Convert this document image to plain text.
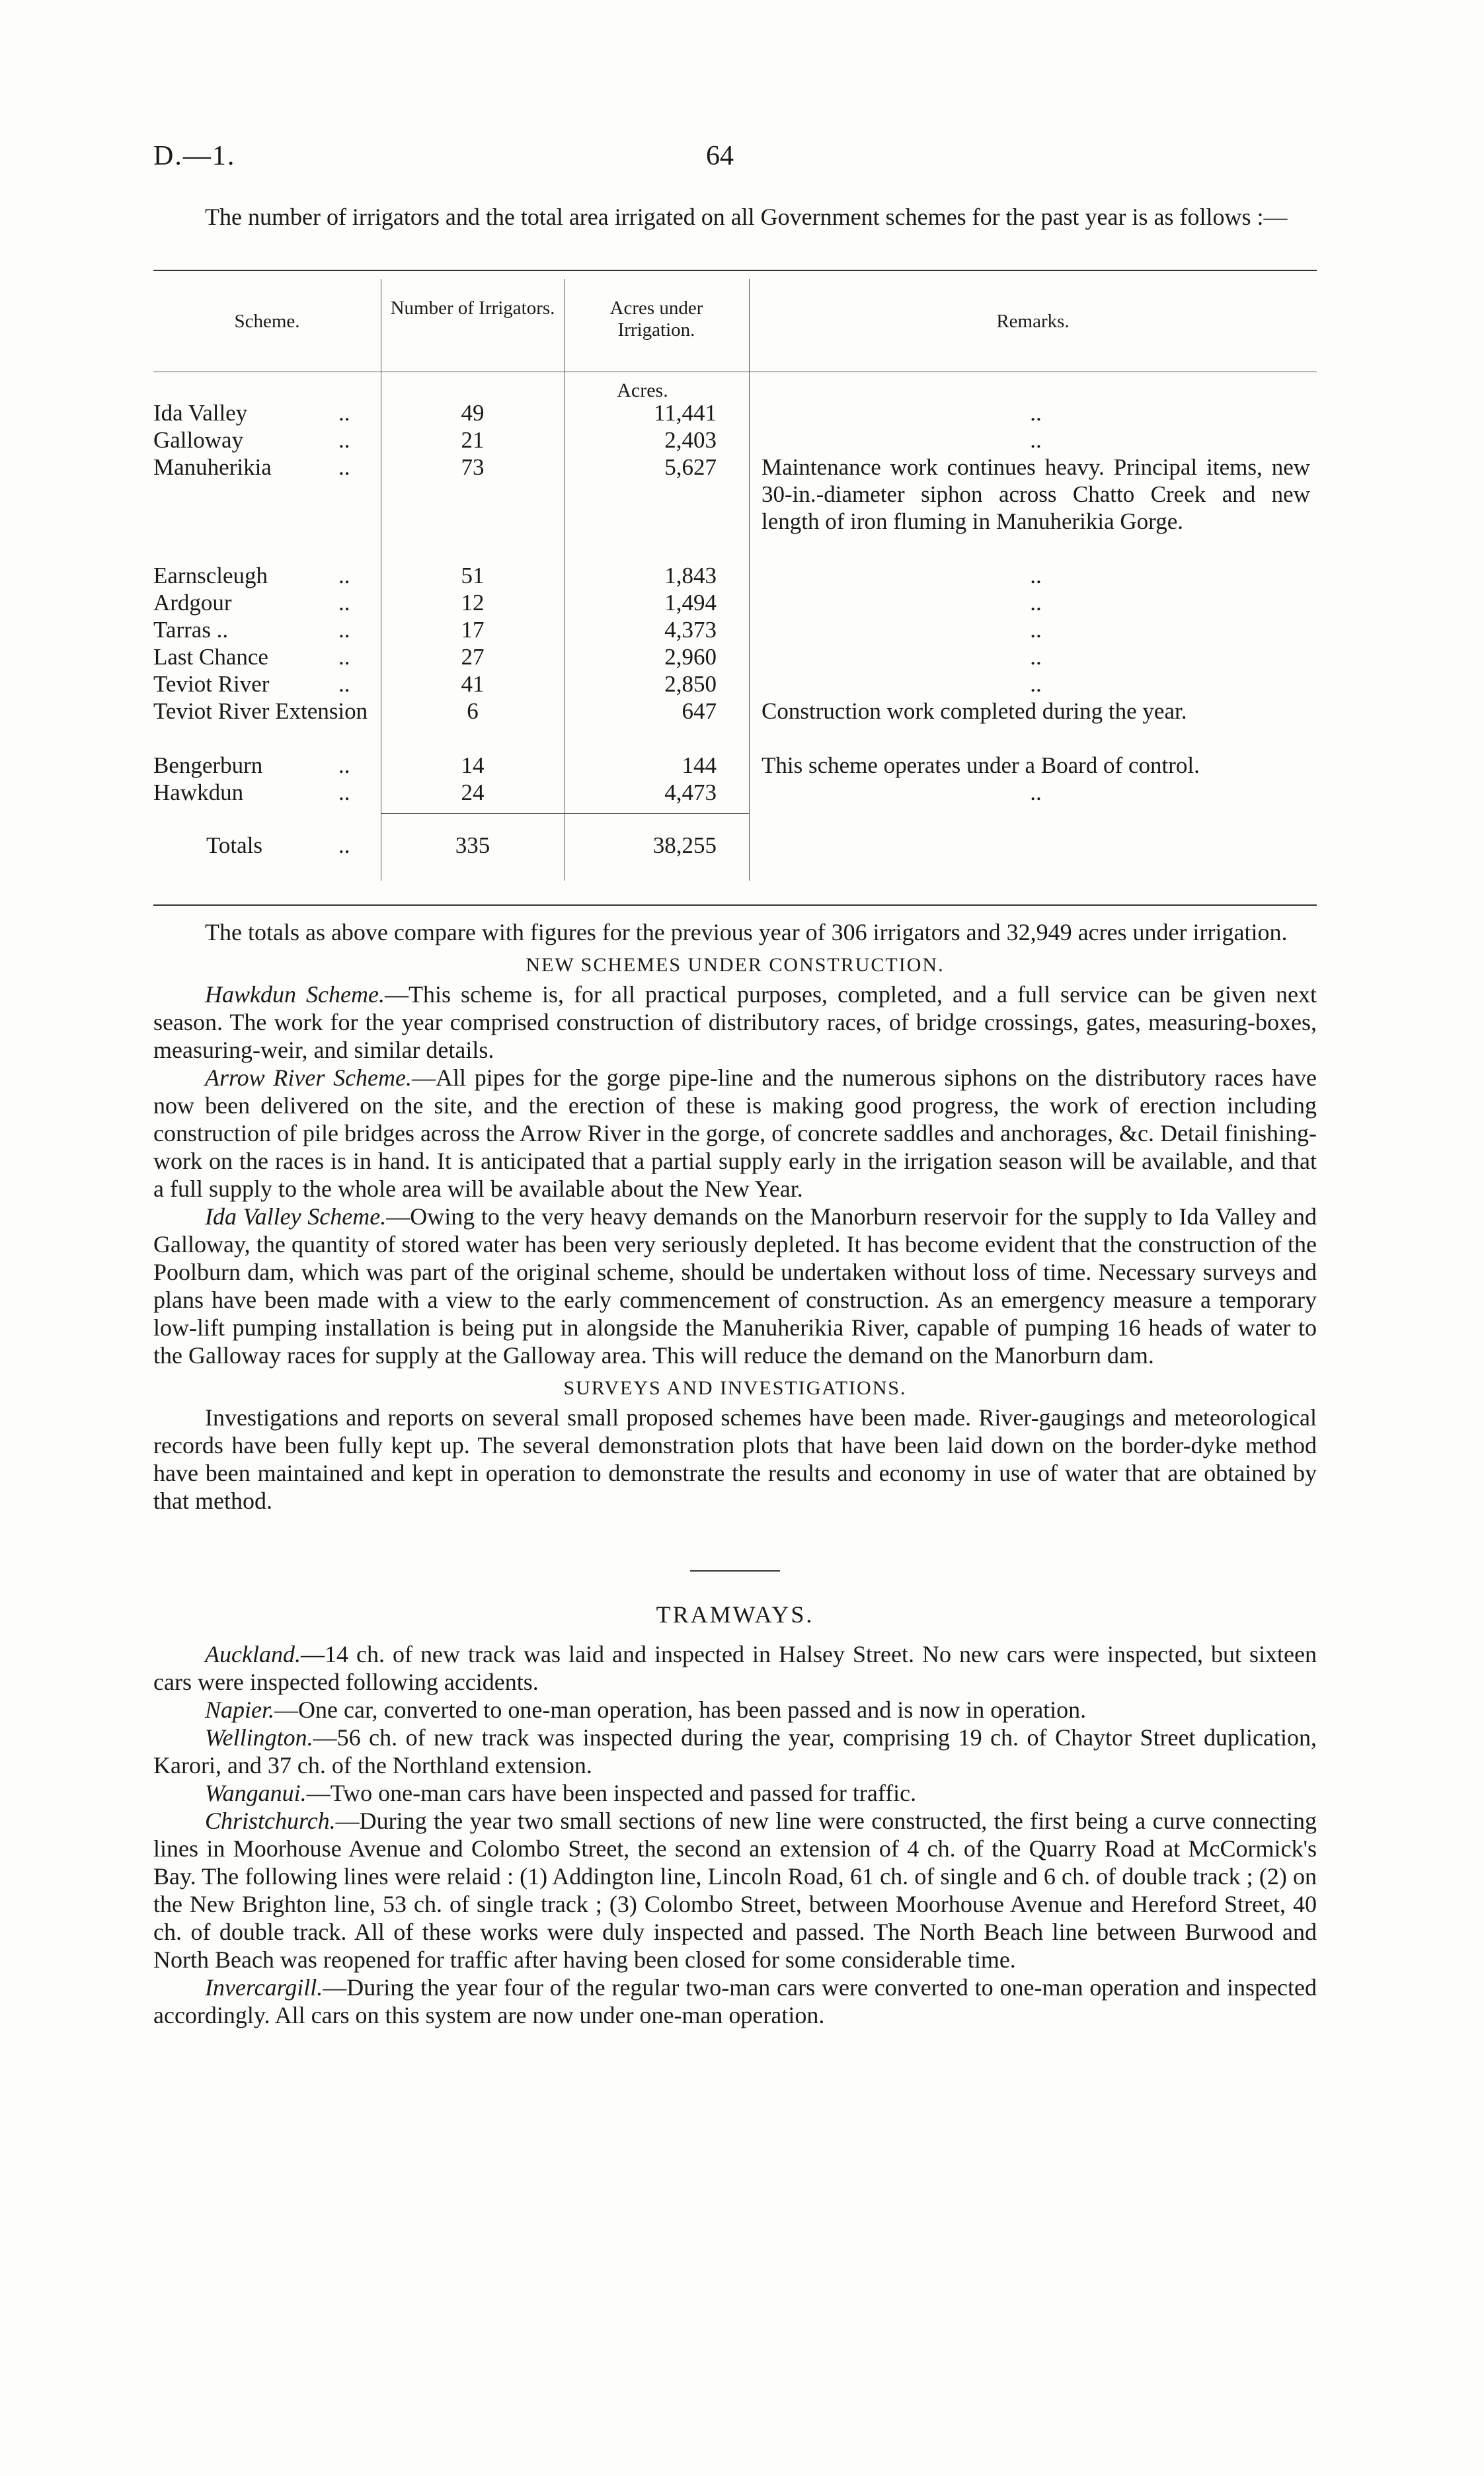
D.—1.	64

The number of irrigators and the total area irrigated on all Government schemes for the past year is as follows :—

Scheme.
Number of Irrigators.	Acres under Irrigation.	Remarks.
Acres.
Ida Valley	..	49	11,441	..
Galloway	..	21	2,403	..
Manuherikia	..	73	5,627 Maintenance work continues heavy. Principal items, new 30-in.-diameter siphon across Chatto Creek and new length of iron fluming in Manuherikia Gorge.
Earnscleugh	..	51	1,843	..
Ardgour	..	12	1,494	..
Tarras ..	..	17	4,373	..
Last Chance	..	27	2,960	..
Teviot River	..	41	2,850	..
Teviot River Extension	6	647 Construction work completed during the year.
Bengerburn	..	14	144 This scheme operates under a Board of control.
Hawkdun	..	24	4,473	..
Totals	..	335	38,255

The totals as above compare with figures for the previous year of 306 irrigators and 32,949 acres under irrigation.

NEW SCHEMES UNDER CONSTRUCTION.

Hawkdun Scheme.—This scheme is, for all practical purposes, completed, and a full service can be given next season. The work for the year comprised construction of distributory races, of bridge crossings, gates, measuring-boxes, measuring-weir, and similar details.

Arrow River Scheme.—All pipes for the gorge pipe-line and the numerous siphons on the distributory races have now been delivered on the site, and the erection of these is making good progress, the work of erection including construction of pile bridges across the Arrow River in the gorge, of concrete saddles and anchorages, &c. Detail finishing-work on the races is in hand. It is anticipated that a partial supply early in the irrigation season will be available, and that a full supply to the whole area will be available about the New Year.

Ida Valley Scheme.—Owing to the very heavy demands on the Manorburn reservoir for the supply to Ida Valley and Galloway, the quantity of stored water has been very seriously depleted. It has become evident that the construction of the Poolburn dam, which was part of the original scheme, should be undertaken without loss of time. Necessary surveys and plans have been made with a view to the early commencement of construction. As an emergency measure a temporary low-lift pumping installation is being put in alongside the Manuherikia River, capable of pumping 16 heads of water to the Galloway races for supply at the Galloway area. This will reduce the demand on the Manorburn dam.

SURVEYS AND INVESTIGATIONS.

Investigations and reports on several small proposed schemes have been made. River-gaugings and meteorological records have been fully kept up. The several demonstration plots that have been laid down on the border-dyke method have been maintained and kept in operation to demonstrate the results and economy in use of water that are obtained by that method.

TRAMWAYS.

Auckland.—14 ch. of new track was laid and inspected in Halsey Street. No new cars were inspected, but sixteen cars were inspected following accidents.

Napier.—One car, converted to one-man operation, has been passed and is now in operation.

Wellington.—56 ch. of new track was inspected during the year, comprising 19 ch. of Chaytor Street duplication, Karori, and 37 ch. of the Northland extension.

Wanganui.—Two one-man cars have been inspected and passed for traffic.

Christchurch.—During the year two small sections of new line were constructed, the first being a curve connecting lines in Moorhouse Avenue and Colombo Street, the second an extension of 4 ch. of the Quarry Road at McCormick's Bay. The following lines were relaid : (1) Addington line, Lincoln Road, 61 ch. of single and 6 ch. of double track ; (2) on the New Brighton line, 53 ch. of single track ; (3) Colombo Street, between Moorhouse Avenue and Hereford Street, 40 ch. of double track. All of these works were duly inspected and passed. The North Beach line between Burwood and North Beach was reopened for traffic after having been closed for some considerable time.

Invercargill.—During the year four of the regular two-man cars were converted to one-man operation and inspected accordingly. All cars on this system are now under one-man operation.
